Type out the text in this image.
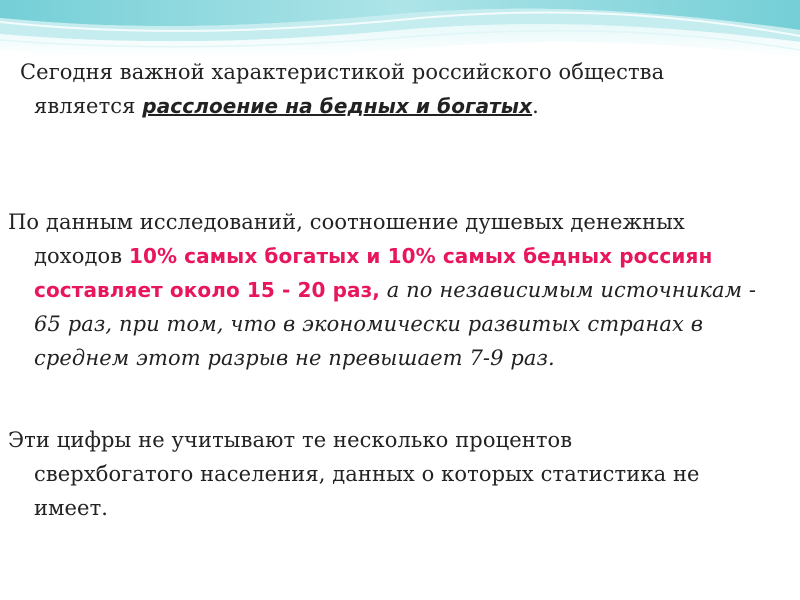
Сегодня важной характеристикой российского общества является расслоение на бедных и богатых.

По данным исследований, соотношение душевых денежных доходов 10% самых богатых и 10% самых бедных россиян составляет около 15 - 20 раз, а по независимым источникам - 65 раз, при том, что в экономически развитых странах в среднем этот разрыв не превышает 7-9 раз.

Эти цифры не учитывают те несколько процентов сверхбогатого населения, данных о которых статистика не имеет.
